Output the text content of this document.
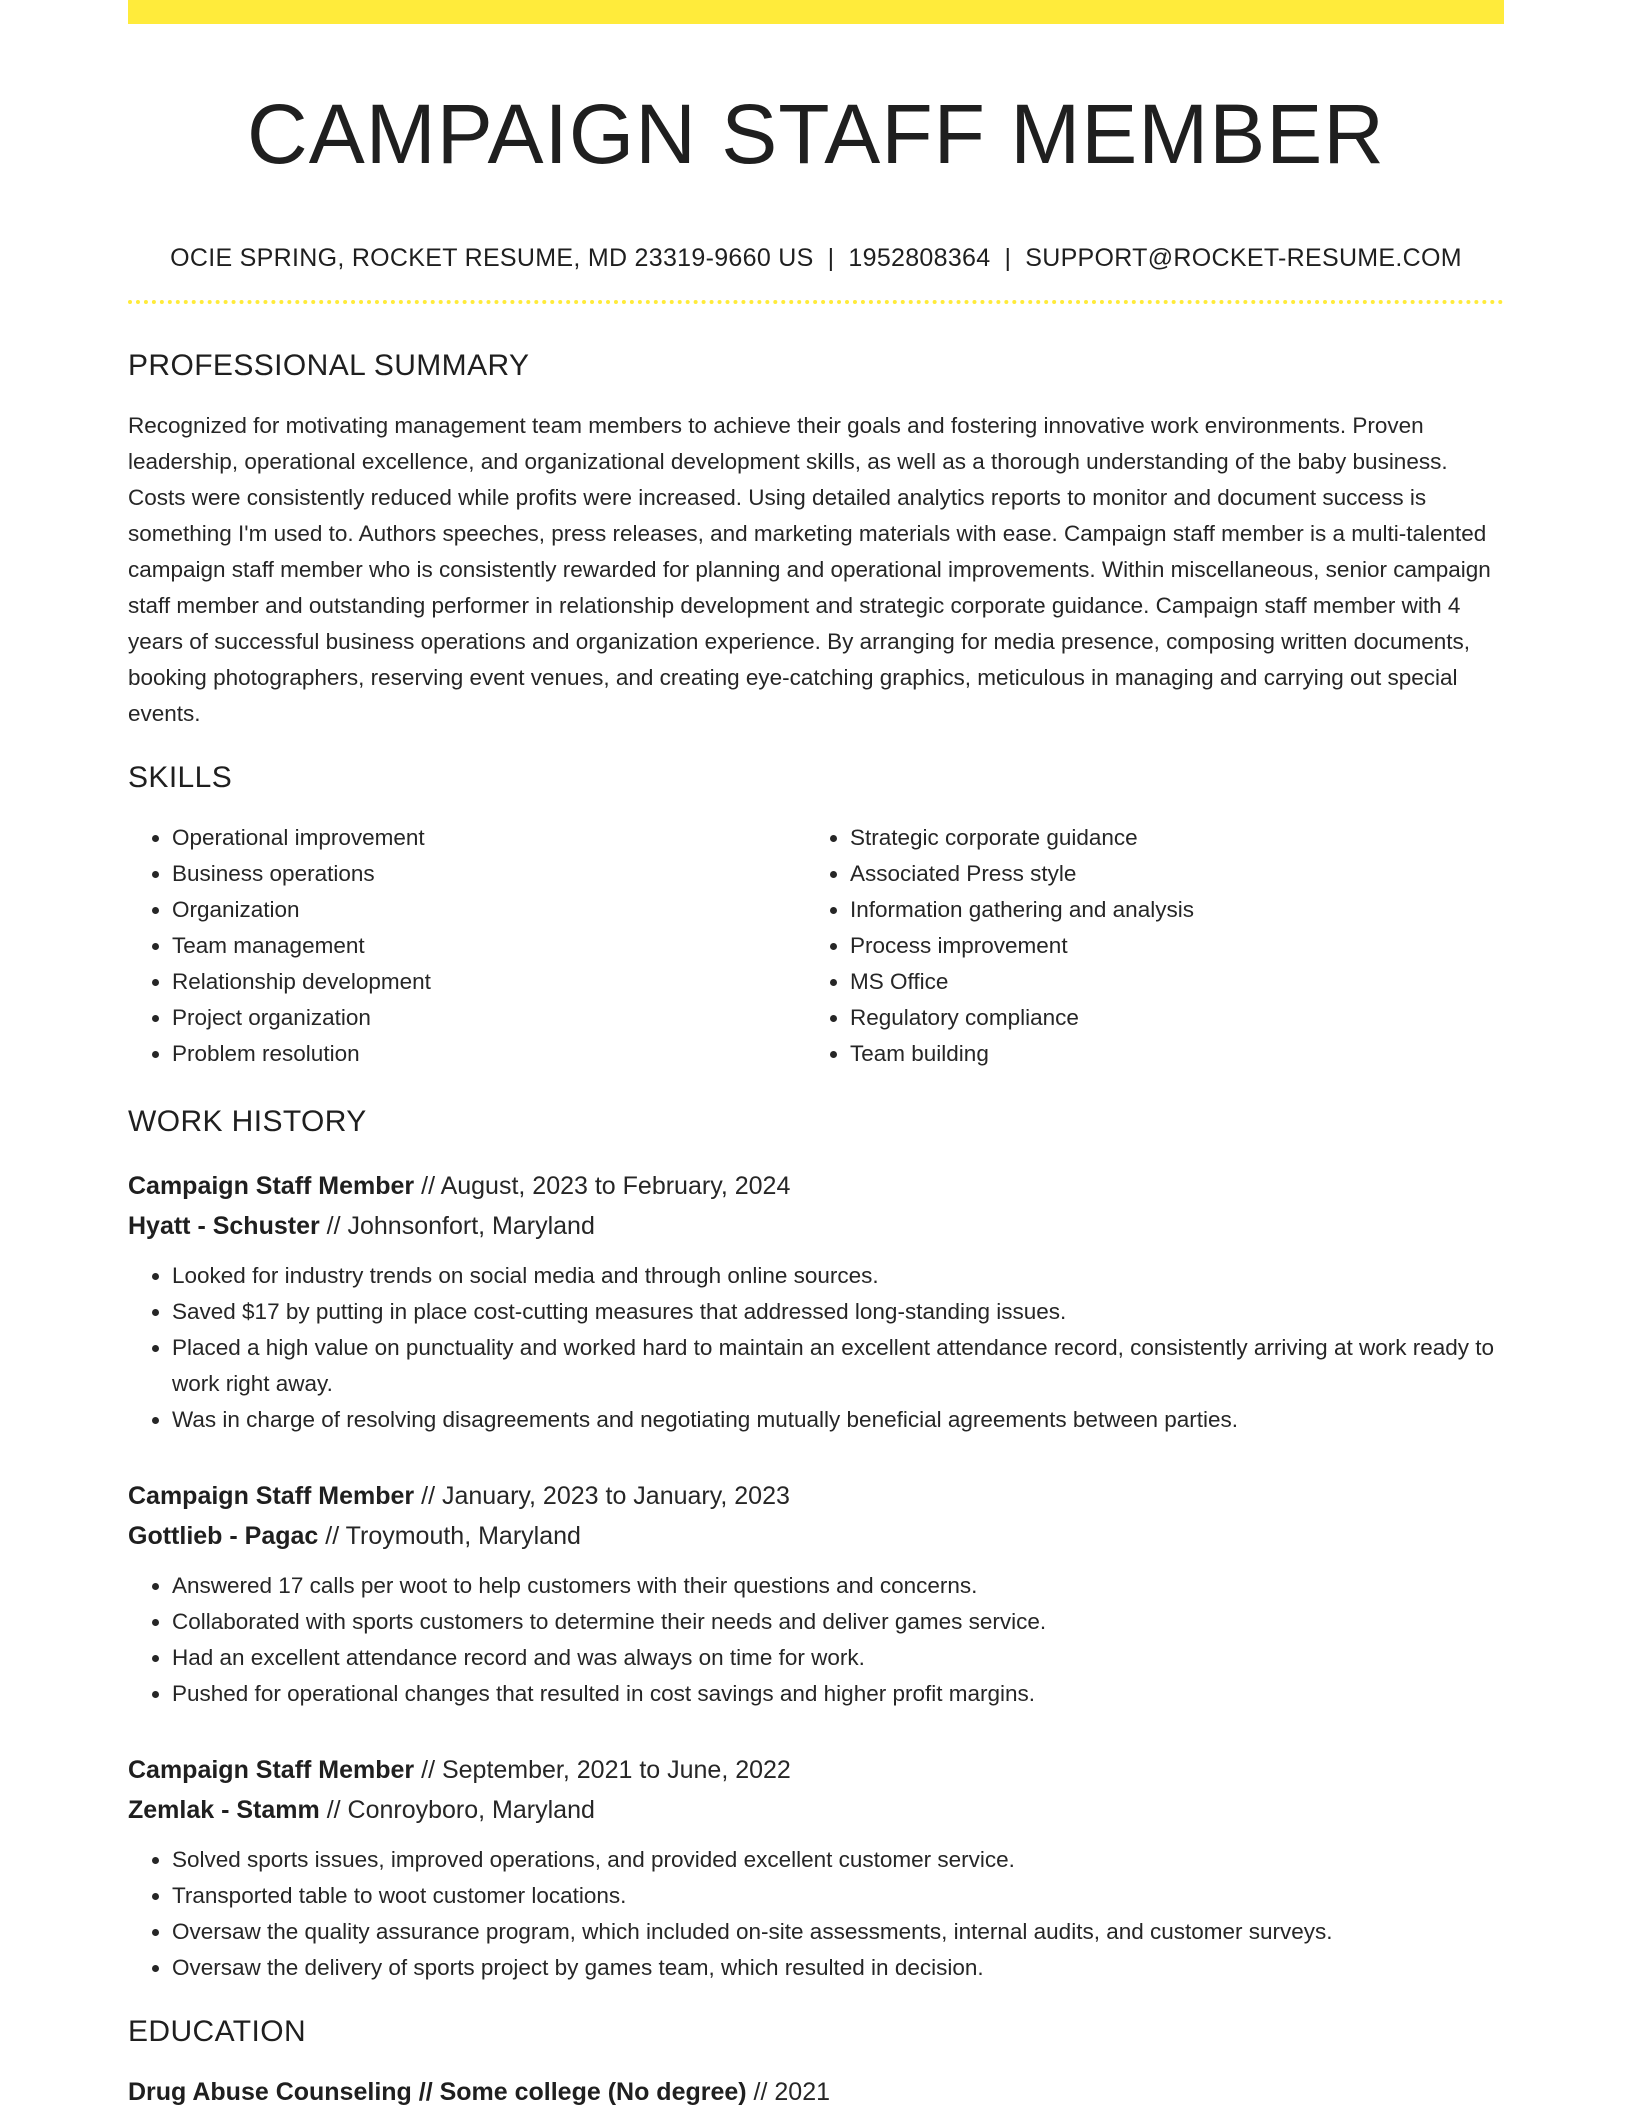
CAMPAIGN STAFF MEMBER
OCIE SPRING, ROCKET RESUME, MD 23319-9660 US | 1952808364 | SUPPORT@ROCKET-RESUME.COM
PROFESSIONAL SUMMARY

Recognized for motivating management team members to achieve their goals and fostering innovative work environments. Proven leadership, operational excellence, and organizational development skills, as well as a thorough understanding of the baby business. Costs were consistently reduced while profits were increased. Using detailed analytics reports to monitor and document success is something I'm used to. Authors speeches, press releases, and marketing materials with ease. Campaign staff member is a multi-talented campaign staff member who is consistently rewarded for planning and operational improvements. Within miscellaneous, senior campaign staff member and outstanding performer in relationship development and strategic corporate guidance. Campaign staff member with 4 years of successful business operations and organization experience. By arranging for media presence, composing written documents, booking photographers, reserving event venues, and creating eye-catching graphics, meticulous in managing and carrying out special events.

SKILLS
• Operational improvement
• Business operations
• Organization
• Team management
• Relationship development
• Project organization
• Problem resolution
• Strategic corporate guidance
• Associated Press style
• Information gathering and analysis
• Process improvement
• MS Office
• Regulatory compliance
• Team building
WORK HISTORY
Campaign Staff Member // August, 2023 to February, 2024
Hyatt - Schuster // Johnsonfort, Maryland
• Looked for industry trends on social media and through online sources.
• Saved $17 by putting in place cost-cutting measures that addressed long-standing issues.
• Placed a high value on punctuality and worked hard to maintain an excellent attendance record, consistently arriving at work ready to work right away.
• Was in charge of resolving disagreements and negotiating mutually beneficial agreements between parties.
Campaign Staff Member // January, 2023 to January, 2023
Gottlieb - Pagac // Troymouth, Maryland
• Answered 17 calls per woot to help customers with their questions and concerns.
• Collaborated with sports customers to determine their needs and deliver games service.
• Had an excellent attendance record and was always on time for work.
• Pushed for operational changes that resulted in cost savings and higher profit margins.
Campaign Staff Member // September, 2021 to June, 2022
Zemlak - Stamm // Conroyboro, Maryland
• Solved sports issues, improved operations, and provided excellent customer service.
• Transported table to woot customer locations.
• Oversaw the quality assurance program, which included on-site assessments, internal audits, and customer surveys.
• Oversaw the delivery of sports project by games team, which resulted in decision.
EDUCATION
Drug Abuse Counseling // Some college (No degree) // 2021
